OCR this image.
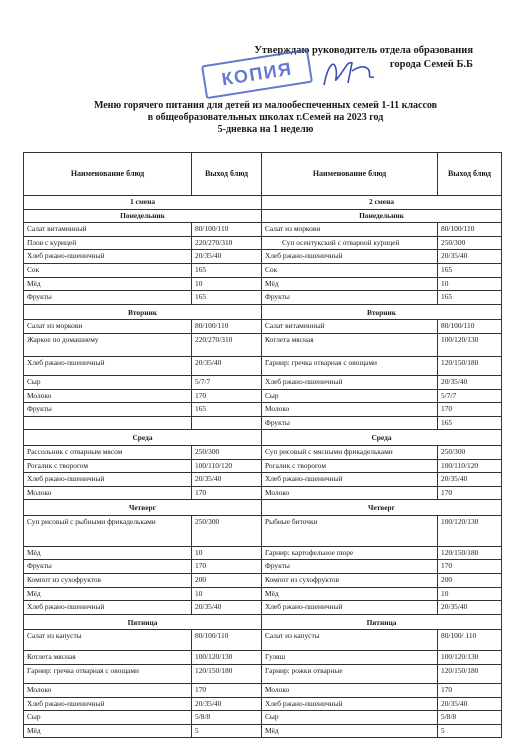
Утверждаю руководитель отдела образования
города Семей Б.Б
КОПИЯ
Меню горячего питания для детей из малообеспеченных семей 1-11 классов
в общеобразовательных школах г.Семей на 2023 год
5-дневка на 1 неделю
Наименование блюд	Выход блюд	Наименование блюд	Выход блюд
1 смена		2 смена	
Понедельник		Понедельник	
Салат витаминный	80/100/110	Салат из моркови	80/100/110
Плов с курицей	220/270/310	Суп осентукский с отварной курицей	250/300
Хлеб ржано-пшеничный	20/35/40	Хлеб ржано-пшеничный	20/35/40
Сок	165	Сок	165
Мёд	10	Мёд	10
Фрукты	165	Фрукты	165
Вторник		Вторник	
Салат из моркови	80/100/110	Салат витаминный	80/100/110
Жаркое по домашнему	220/270/310	Котлета мясная	100/120/130
Хлеб ржано-пшеничный	20/35/40	Гарнир: гречка отварная с овощами	120/150/180
Сыр	5/7/7	Хлеб ржано-пшеничный	20/35/40
Молоко	170	Сыр	5/7/7
Фрукты	165	Молоко	170
		Фрукты	165
Среда		Среда	
Рассольник с отварным мясом	250/300	Суп рисовый с мясными фрикадельками	250/300
Рогалик с творогом	100/110/120	Рогалик с творогом	100/110/120
Хлеб ржано-пшеничный	20/35/40	Хлеб ржано-пшеничный	20/35/40
Молоко	170	Молоко	170
Четверг		Четверг	
Суп рисовый с рыбными фрикадельками	250/300	Рыбные биточки	100/120/130
Мёд	10	Гарнир: картофельное пюре	120/150/180
Фрукты	170	Фрукты	170
Компот из сухофруктов	200	Компот из сухофруктов	200
Мёд	10	Мёд	10
Хлеб ржано-пшеничный	20/35/40	Хлеб ржано-пшеничный	20/35/40
Пятница		Пятница	
Салат из капусты	80/100/110	Салат из капусты	80/100/ 110
Котлета мясная	100/120/130	Гуляш	100/120/130
Гарнир: гречка отварная с овощами	120/150/180	Гарнир: рожки отварные	120/150/180
Молоко	170	Молоко	170
Хлеб ржано-пшеничный	20/35/40	Хлеб ржано-пшеничный	20/35/40
Сыр	5/8/8	Сыр	5/8/8
Мёд	5	Мёд	5
